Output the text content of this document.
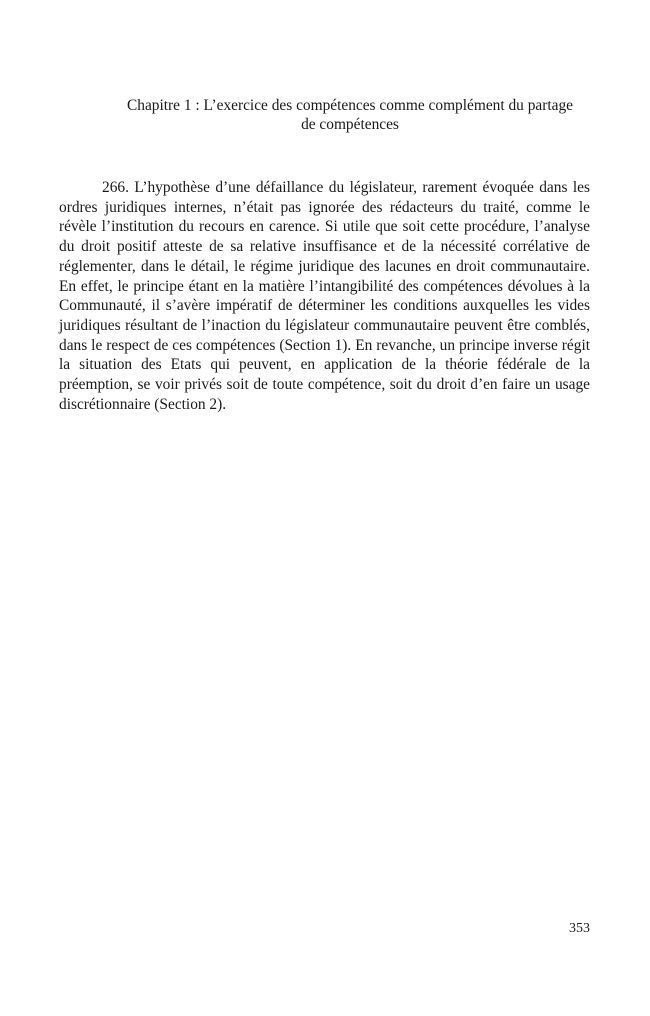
Chapitre 1 : L’exercice des compétences comme complément du partage
de compétences

266. L’hypothèse d’une défaillance du législateur, rarement évoquée dans les ordres juridiques internes, n’était pas ignorée des rédacteurs du traité, comme le révèle l’institution du recours en carence. Si utile que soit cette procédure, l’analyse du droit positif atteste de sa relative insuffisance et de la nécessité corrélative de réglementer, dans le détail, le régime juridique des lacunes en droit communautaire. En effet, le principe étant en la matière l’intangibilité des compétences dévolues à la Communauté, il s’avère impératif de déterminer les conditions auxquelles les vides juridiques résultant de l’inaction du législateur communautaire peuvent être comblés, dans le respect de ces compétences (Section 1). En revanche, un principe inverse régit la situation des Etats qui peuvent, en application de la théorie fédérale de la préemption, se voir privés soit de toute compétence, soit du droit d’en faire un usage discrétionnaire (Section 2).

353
